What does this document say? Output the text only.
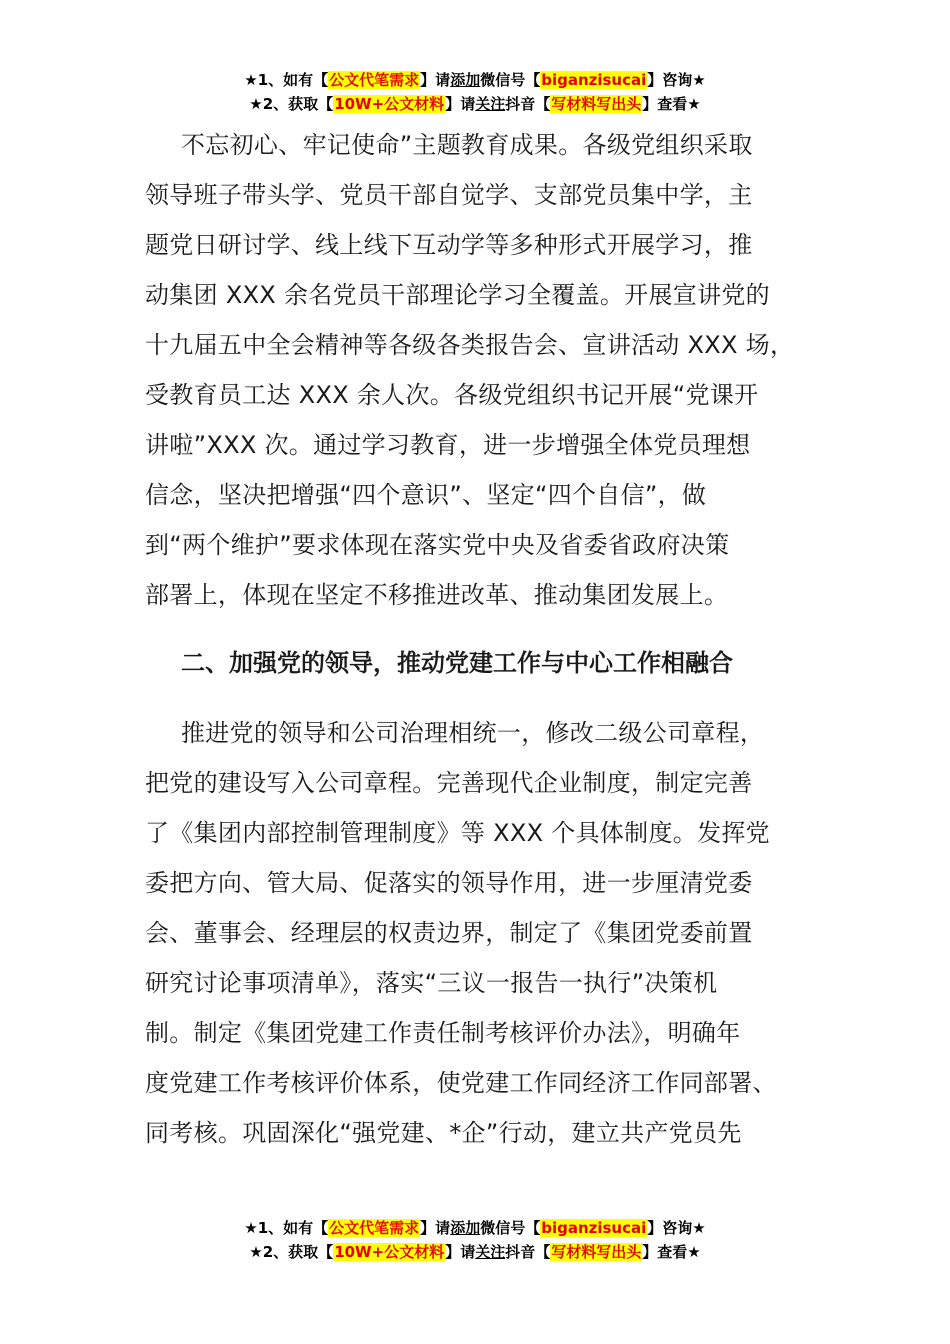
★1、如有【公文代笔需求】请添加微信号【biganzisucai】咨询★
★2、获取【10W+公文材料】请关注抖音【写材料写出头】查看★
不忘初心、牢记使命”主题教育成果。各级党组织采取
领导班子带头学、党员干部自觉学、支部党员集中学，主
题党日研讨学、线上线下互动学等多种形式开展学习，推
动集团 XXX 余名党员干部理论学习全覆盖。开展宣讲党的
十九届五中全会精神等各级各类报告会、宣讲活动 XXX 场，
受教育员工达 XXX 余人次。各级党组织书记开展“党课开
讲啦”XXX 次。通过学习教育，进一步增强全体党员理想
信念，坚决把增强“四个意识”、坚定“四个自信”，做
到“两个维护”要求体现在落实党中央及省委省政府决策
部署上，体现在坚定不移推进改革、推动集团发展上。
二、加强党的领导，推动党建工作与中心工作相融合
推进党的领导和公司治理相统一，修改二级公司章程，
把党的建设写入公司章程。完善现代企业制度，制定完善
了《集团内部控制管理制度》等 XXX 个具体制度。发挥党
委把方向、管大局、促落实的领导作用，进一步厘清党委
会、董事会、经理层的权责边界，制定了《集团党委前置
研究讨论事项清单》，落实“三议一报告一执行”决策机
制。制定《集团党建工作责任制考核评价办法》，明确年
度党建工作考核评价体系，使党建工作同经济工作同部署、
同考核。巩固深化“强党建、*企”行动，建立共产党员先
★1、如有【公文代笔需求】请添加微信号【biganzisucai】咨询★
★2、获取【10W+公文材料】请关注抖音【写材料写出头】查看★
